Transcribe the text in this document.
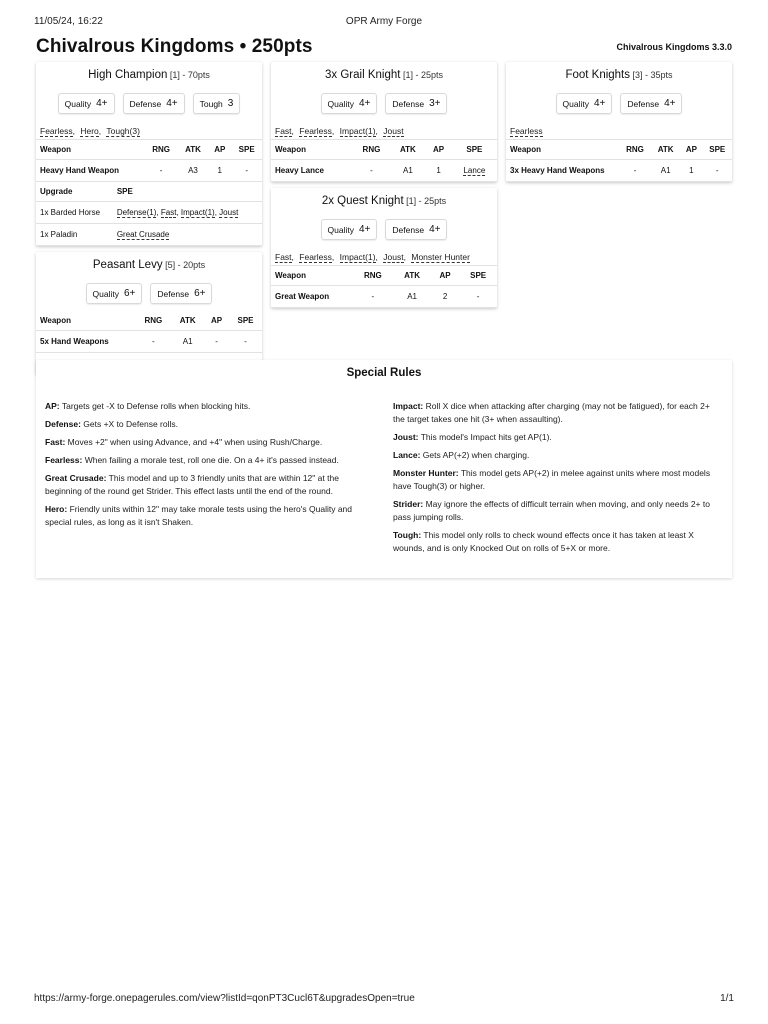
11/05/24, 16:22	OPR Army Forge
Chivalrous Kingdoms • 250pts	Chivalrous Kingdoms 3.3.0
High Champion [1] - 70pts
Quality 4+	Defense 4+	Tough 3
Fearless, Hero, Tough(3)
Weapon	RNG	ATK	AP	SPE
Heavy Hand Weapon	-	A3	1	-
Upgrade	SPE
1x Barded Horse	Defense(1), Fast, Impact(1), Joust
1x Paladin	Great Crusade
Peasant Levy [5] - 20pts
Quality 6+	Defense 6+
Weapon	RNG	ATK	AP	SPE
5x Hand Weapons	-	A1	-	-

3x Grail Knight [1] - 25pts
Quality 4+	Defense 3+
Fast, Fearless, Impact(1), Joust
Weapon	RNG	ATK	AP	SPE
Heavy Lance	-	A1	1	Lance
2x Quest Knight [1] - 25pts
Quality 4+	Defense 4+
Fast, Fearless, Impact(1), Joust, Monster Hunter
Weapon	RNG	ATK	AP	SPE
Great Weapon	-	A1	2	-
Foot Knights [3] - 35pts
Quality 4+	Defense 4+
Fearless
Weapon	RNG	ATK	AP	SPE
3x Heavy Hand Weapons	-	A1	1	-
Special Rules
AP: Targets get -X to Defense rolls when blocking hits.
Defense: Gets +X to Defense rolls.
Fast: Moves +2" when using Advance, and +4" when using Rush/Charge.
Fearless: When failing a morale test, roll one die. On a 4+ it's passed instead.
Great Crusade: This model and up to 3 friendly units that are within 12" at the beginning of the round get Strider. This effect lasts until the end of the round.
Hero: Friendly units within 12" may take morale tests using the hero's Quality and special rules, as long as it isn't Shaken.
Impact: Roll X dice when attacking after charging (may not be fatigued), for each 2+ the target takes one hit (3+ when assaulting).
Joust: This model's Impact hits get AP(1).
Lance: Gets AP(+2) when charging.
Monster Hunter: This model gets AP(+2) in melee against units where most models have Tough(3) or higher.
Strider: May ignore the effects of difficult terrain when moving, and only needs 2+ to pass jumping rolls.
Tough: This model only rolls to check wound effects once it has taken at least X wounds, and is only Knocked Out on rolls of 5+X or more.
https://army-forge.onepagerules.com/view?listId=qonPT3Cucl6T&upgradesOpen=true	1/1
